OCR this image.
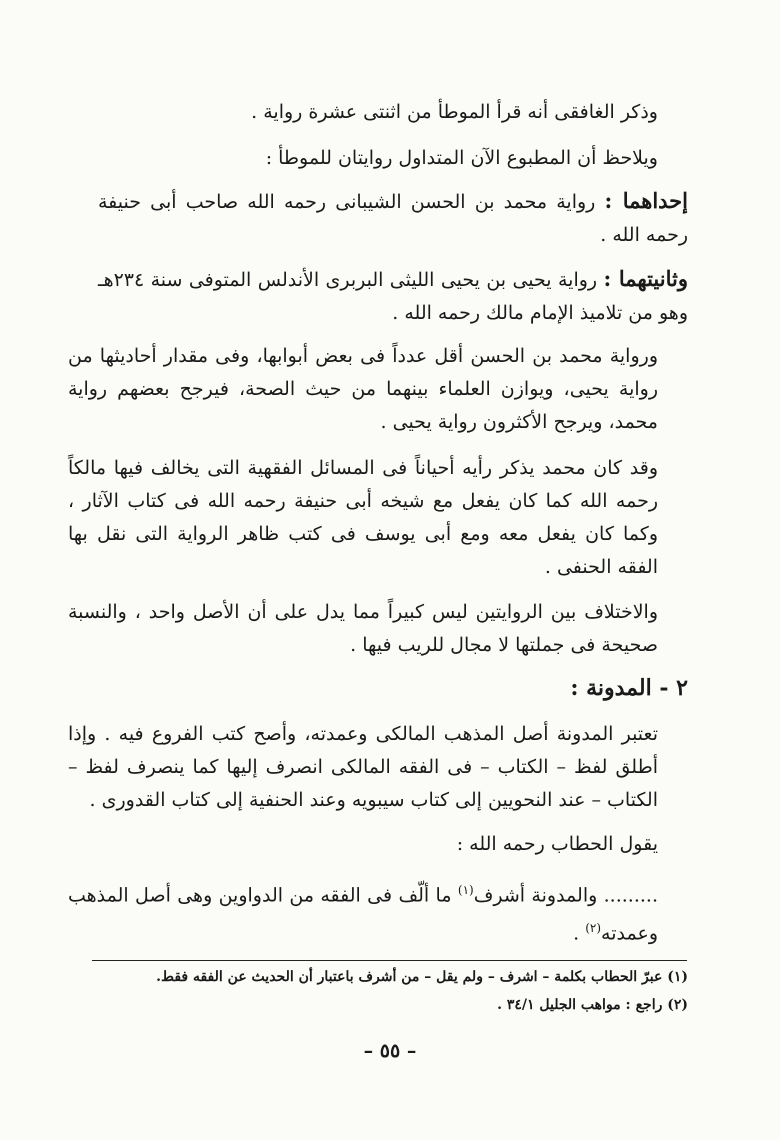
وذكر الغافقى أنه قرأ الموطأ من اثنتى عشرة رواية .
ويلاحظ أن المطبوع الآن المتداول روايتان للموطأ :
إحداهما : رواية محمد بن الحسن الشيبانى رحمه الله صاحب أبى حنيفة رحمه الله .
وثانيتهما : رواية يحيى بن يحيى الليثى البربرى الأندلس المتوفى سنة ٢٣٤هـ وهو من تلاميذ الإمام مالك رحمه الله .
ورواية محمد بن الحسن أقل عدداً فى بعض أبوابها، وفى مقدار أحاديثها من رواية يحيى، ويوازن العلماء بينهما من حيث الصحة، فيرجح بعضهم رواية محمد، ويرجح الأكثرون رواية يحيى .
وقد كان محمد يذكر رأيه أحياناً فى المسائل الفقهية التى يخالف فيها مالكاً رحمه الله كما كان يفعل مع شيخه أبى حنيفة رحمه الله فى كتاب الآثار ، وكما كان يفعل معه ومع أبى يوسف فى كتب ظاهر الرواية التى نقل بها الفقه الحنفى .
والاختلاف بين الروايتين ليس كبيراً مما يدل على أن الأصل واحد ، والنسبة صحيحة فى جملتها لا مجال للريب فيها .
٢ - المدونة :
تعتبر المدونة أصل المذهب المالكى وعمدته، وأصح كتب الفروع فيه . وإذا أطلق لفظ – الكتاب – فى الفقه المالكى انصرف إليها كما ينصرف لفظ – الكتاب – عند النحويين إلى كتاب سيبويه وعند الحنفية إلى كتاب القدورى .
يقول الحطاب رحمه الله :
......... والمدونة أشرف$^{(١)}$ ما ألّف فى الفقه من الدواوين وهى أصل المذهب وعمدته$^{(٢)}$ .
(١) عبرّ الحطاب بكلمة – اشرف – ولم يقل – من أشرف باعتبار أن الحديث عن الفقه فقط.
(٢) راجع : مواهب الجليل ٣٤/١ .
– ٥٥ –
